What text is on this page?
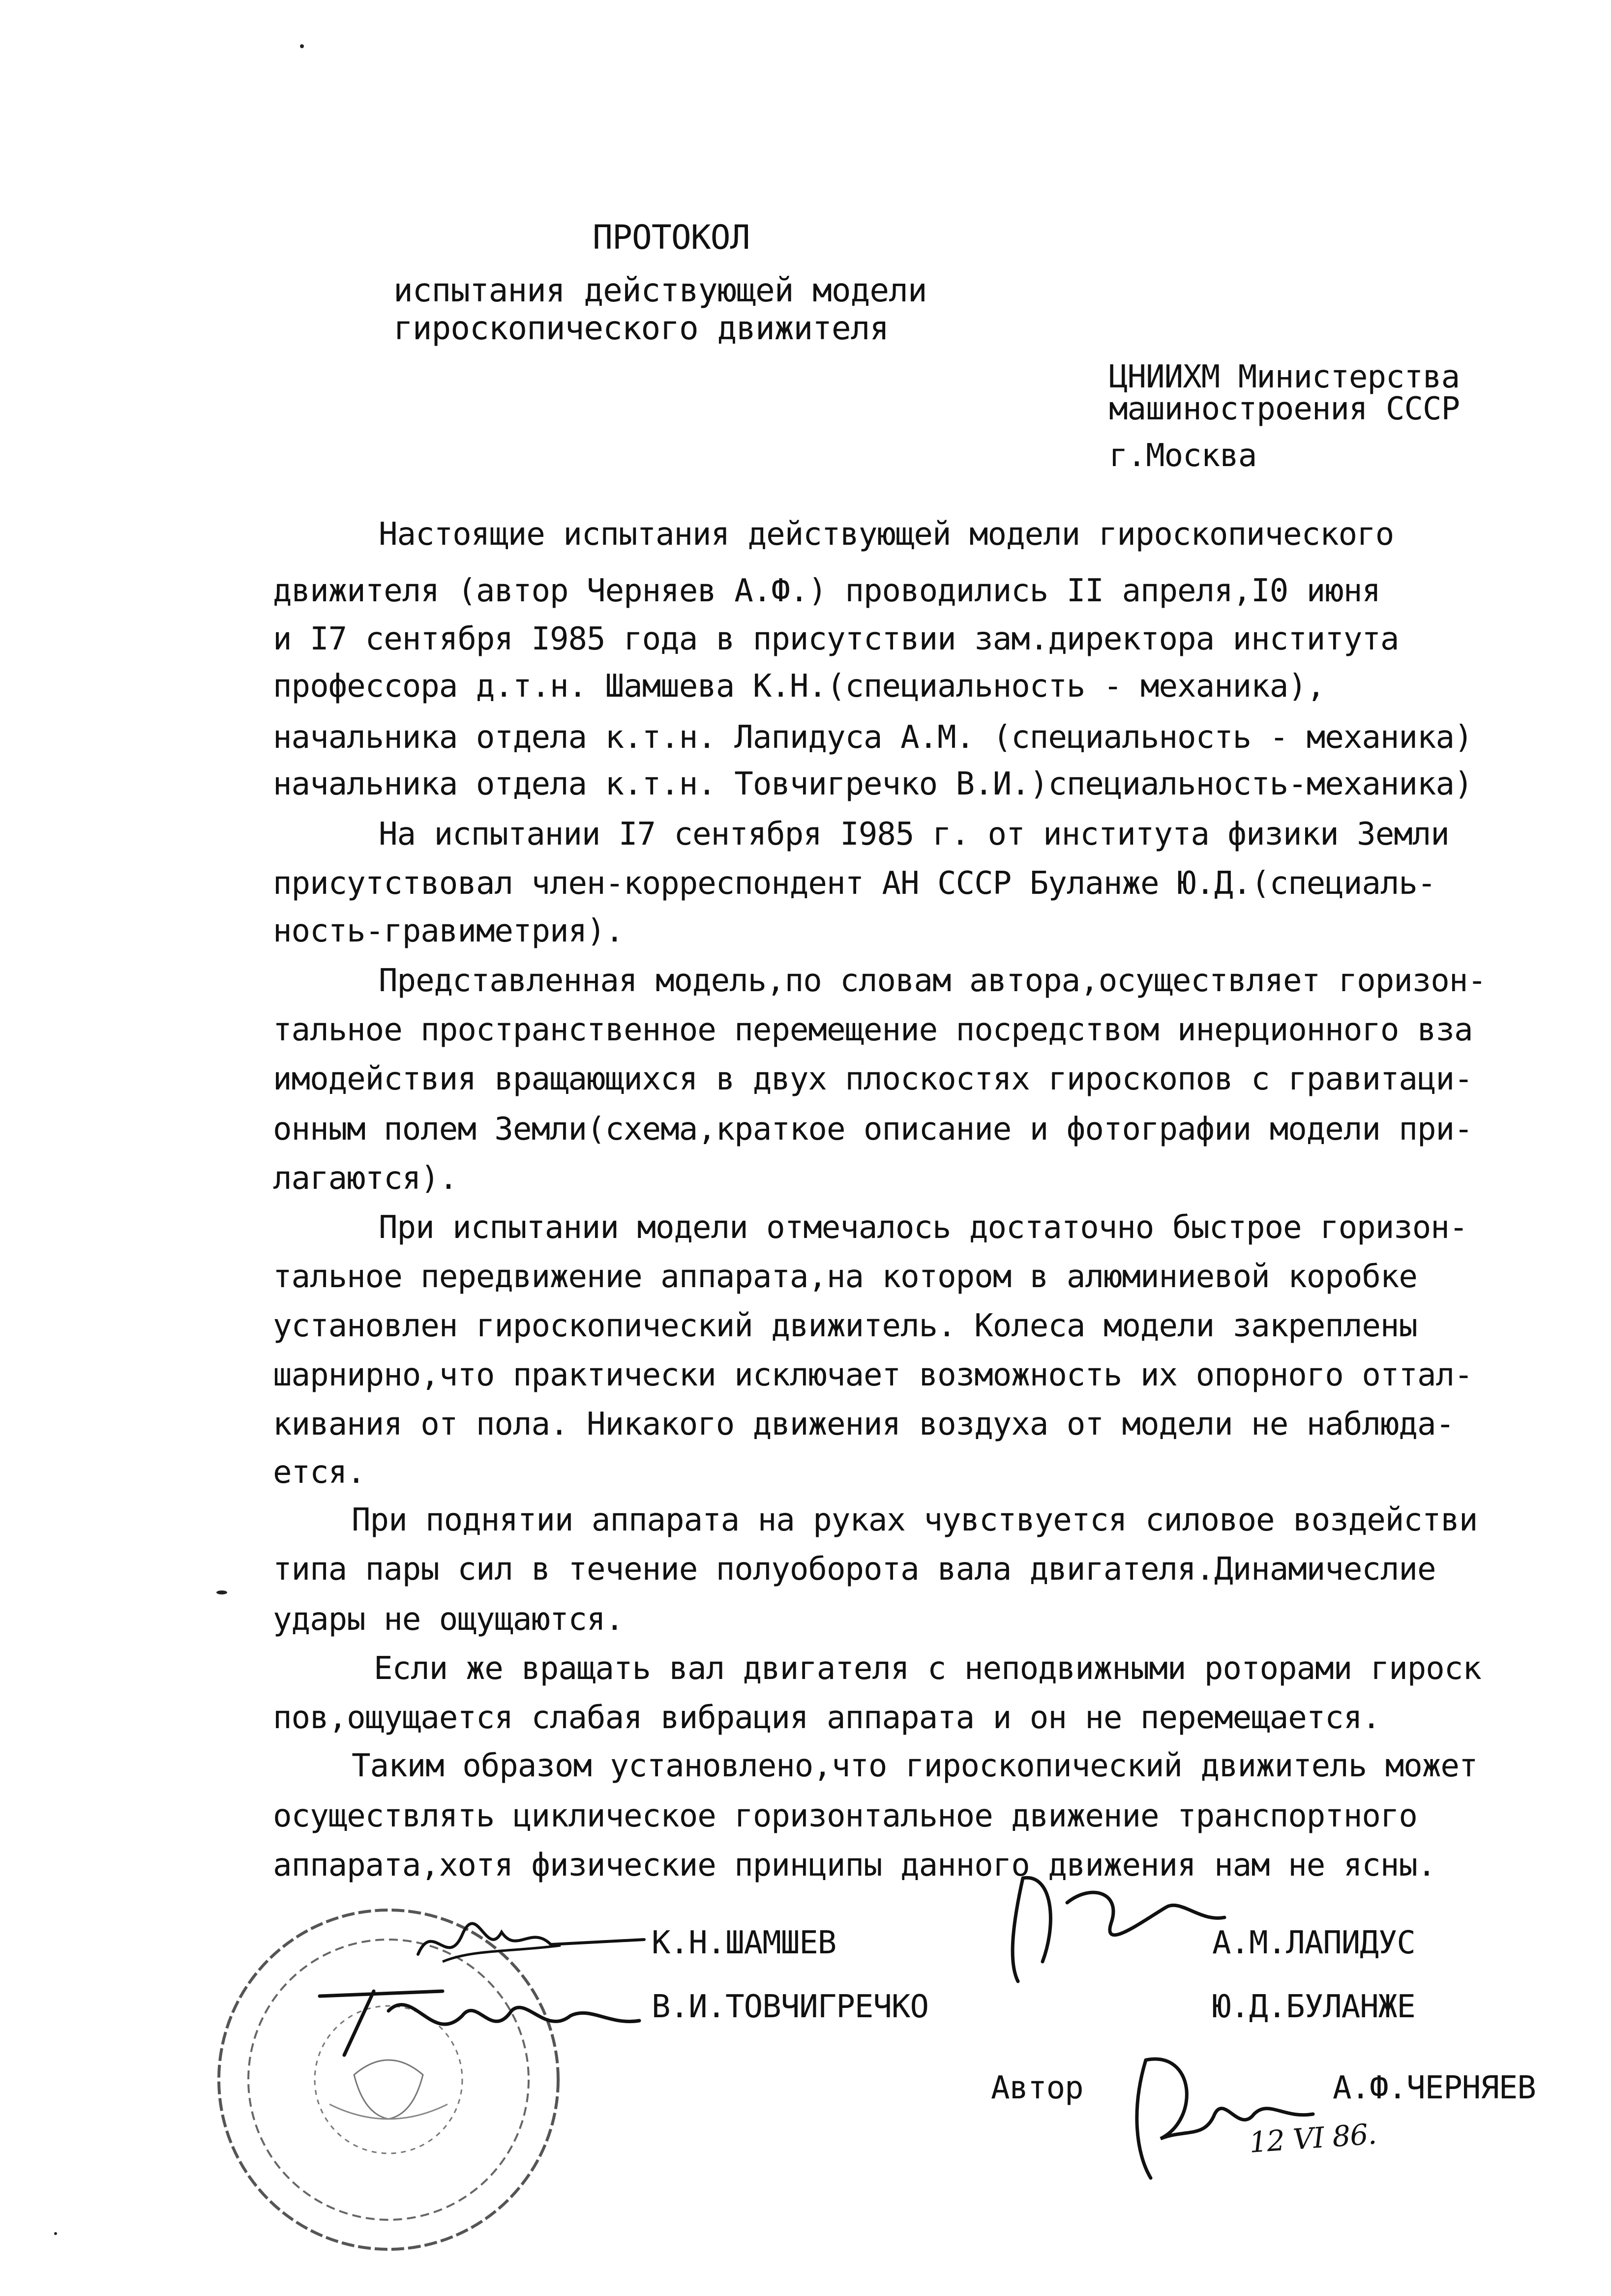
ПРОТОКОЛ
испытания действующей модели
гироскопического движителя
ЦНИИХМ Министерства
машиностроения СССР
г.Москва
Настоящие испытания действующей модели гироскопического
движителя (автор Черняев А.Ф.) проводились II апреля,I0 июня
и I7 сентября I985 года в присутствии зам.директора института
профессора д.т.н. Шамшева К.Н.(специальность - механика),
начальника отдела к.т.н. Лапидуса А.М. (специальность - механика)
начальника отдела к.т.н. Товчигречко В.И.)специальность-механика)
На испытании I7 сентября I985 г. от института физики Земли
присутствовал член-корреспондент АН СССР Буланже Ю.Д.(специаль-
ность-гравиметрия).
Представленная модель,по словам автора,осуществляет горизон-
тальное пространственное перемещение посредством инерционного вза
имодействия вращающихся в двух плоскостях гироскопов с гравитаци-
онным полем Земли(схема,краткое описание и фотографии модели при-
лагаются).
При испытании модели отмечалось достаточно быстрое горизон-
тальное передвижение аппарата,на котором в алюминиевой коробке
установлен гироскопический движитель. Колеса модели закреплены
шарнирно,что практически исключает возможность их опорного оттал-
кивания от пола. Никакого движения воздуха от модели не наблюда-
ется.
При поднятии аппарата на руках чувствуется силовое воздействи
типа пары сил в течение полуоборота вала двигателя.Динамичеслие
удары не ощущаются.
Если же вращать вал двигателя с неподвижными роторами гироск
пов,ощущается слабая вибрация аппарата и он не перемещается.
Таким образом установлено,что гироскопический движитель может
осуществлять циклическое горизонтальное движение транспортного
аппарата,хотя физические принципы данного движения нам не ясны.
К.Н.ШАМШЕВ
В.И.ТОВЧИГРЕЧКО
А.М.ЛАПИДУС
Ю.Д.БУЛАНЖЕ
Автор	А.Ф.ЧЕРНЯЕВ
12 VI 86.
